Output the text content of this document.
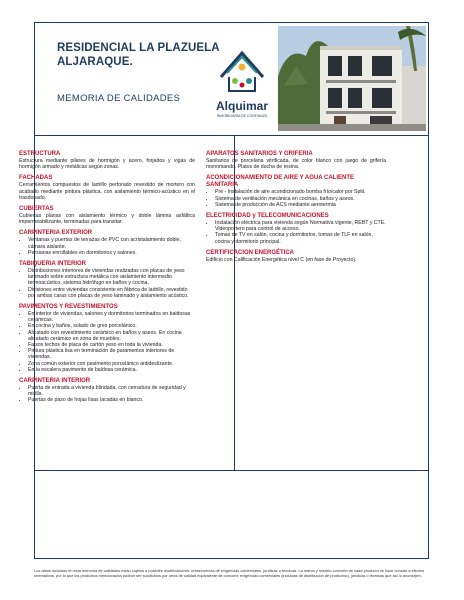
RESIDENCIAL LA PLAZUELA
ALJARAQUE.
MEMORIA DE CALIDADES
Alquimar
INMOBILIARIA DE CONFIANZA
ESTRUCTURA
Estructura mediante pilares de hormigón y acero, forjados y vigas de hormigón armado y metálicas según zonas.
FACHADAS
Cerramientos compuestos de ladrillo perforado revestido de mortero con acabado mediante pintura plástica, con aislamiento térmico-acústico en el trasdosado.
CUBIERTAS
Cubiertas planas con aislamiento térmico y doble lámina asfáltica impermeabilizante, terminadas para transitar.
CARPINTERIA EXTERIOR
• Ventanas y puertas de terrazas de PVC con acristalamiento doble, cámara aislante.
• Persianas enrollables en dormitorios y salones.
TABIQUERIA INTERIOR
• Distribuciones interiores de viviendas realizadas con placas de yeso laminado sobre estructura metálica con aislamiento intermedio termoacústico, sistema hidrófugo en baños y cocina.
• Divisiones entre viviendas consistente en fábrica de ladrillo, revestido por ambas caras con placas de yeso laminado y aislamiento acústico.
PAVIMENTOS Y REVESTIMIENTOS
• En interior de viviendas, salones y dormitorios terminados en baldosas cerámicas.
• En cocina y baños, solado de gres porcelánico.
• Alicatado con revestimiento cerámico en baños y aseos. En cocina alicatado cerámico en zona de muebles.
• Falsos techos de placa de cartón yeso en toda la vivienda.
• Pintura plástica lisa en terminación de paramentos interiores de viviendas.
• Zona común exterior con pavimento porcelánico antideslizante.
• En la escalera pavimento de baldosa cerámica.
CARPINTERIA INTERIOR
• Puerta de entrada a vivienda blindada, con cerradura de seguridad y mirilla.
• Puertas de paso de hojas lisas lacadas en blanco.
APARATOS SANITARIOS Y GRIFERIA
Sanitarios de porcelana vitrificada, de color blanco con juego de grifería monomando. Platos de ducha de resina.
ACONDICIONAMIENTO DE AIRE Y AGUA CALIENTE SANITARIA
• Pre - Instalación de aire acondicionado bomba frío/calor por Split.
• Sistema de ventilación mecánica en cocinas, baños y aseos.
• Sistema de producción de ACS mediante aerotermia
ELECTRICIDAD y TELECOMUNICACIONES
• Instalación eléctrica para vivienda según Normativa vigente, REBT y CTE. Videoportero para control de acceso.
• Tomas de TV en salón, cocina y dormitorios, tomas de TLF en salón, cocina y dormitorio principal.
CERTIFICACION ENERGÉTICA
Edificio con Calificación Energética nivel C (en fase de Proyecto).
Los datos incluidos en esta memoria de calidades están sujetos a posibles modificaciones consecuencia de exigencias comerciales, jurídicas o técnicas. La marca y modelo concreto de cada producto se hace constar a efectos orientativos, por lo que los productos mencionados podrán ser sustituidos por otros de calidad equivalente de concurrir exigencias comerciales (incluidas de distribución de productos), jurídicas o técnicas que así lo aconsejen.
